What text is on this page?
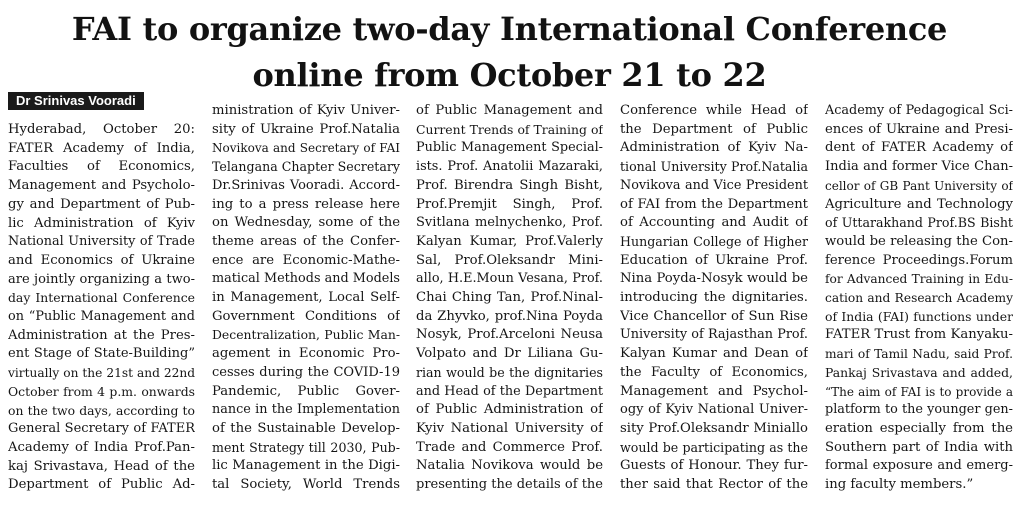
FAI to organize two-day International Conference
online from October 21 to 22
Dr Srinivas Vooradi
Hyderabad, October 20:
FATER Academy of India,
Faculties of Economics,
Management and Psycholo-
gy and Department of Pub-
lic Administration of Kyiv
National University of Trade
and Economics of Ukraine
are jointly organizing a two-
day International Conference
on “Public Management and
Administration at the Pres-
ent Stage of State-Building”
virtually on the 21st and 22nd
October from 4 p.m. onwards
on the two days, according to
General Secretary of FATER
Academy of India Prof.Pan-
kaj Srivastava, Head of the
Department of Public Ad-
ministration of Kyiv Univer-
sity of Ukraine Prof.Natalia
Novikova and Secretary of FAI
Telangana Chapter Secretary
Dr.Srinivas Vooradi. Accord-
ing to a press release here
on Wednesday, some of the
theme areas of the Confer-
ence are Economic-Mathe-
matical Methods and Models
in Management, Local Self-
Government Conditions of
Decentralization, Public Man-
agement in Economic Pro-
cesses during the COVID-19
Pandemic, Public Gover-
nance in the Implementation
of the Sustainable Develop-
ment Strategy till 2030, Pub-
lic Management in the Digi-
tal Society, World Trends
of Public Management and
Current Trends of Training of
Public Management Special-
ists. Prof. Anatolii Mazaraki,
Prof. Birendra Singh Bisht,
Prof.Premjit Singh, Prof.
Svitlana melnychenko, Prof.
Kalyan Kumar, Prof.Valerly
Sal, Prof.Oleksandr Mini-
allo, H.E.Moun Vesana, Prof.
Chai Ching Tan, Prof.Ninal-
da Zhyvko, prof.Nina Poyda
Nosyk, Prof.Arceloni Neusa
Volpato and Dr Liliana Gu-
rian would be the dignitaries
and Head of the Department
of Public Administration of
Kyiv National University of
Trade and Commerce Prof.
Natalia Novikova would be
presenting the details of the
Conference while Head of
the Department of Public
Administration of Kyiv Na-
tional University Prof.Natalia
Novikova and Vice President
of FAI from the Department
of Accounting and Audit of
Hungarian College of Higher
Education of Ukraine Prof.
Nina Poyda-Nosyk would be
introducing the dignitaries.
Vice Chancellor of Sun Rise
University of Rajasthan Prof.
Kalyan Kumar and Dean of
the Faculty of Economics,
Management and Psychol-
ogy of Kyiv National Univer-
sity Prof.Oleksandr Miniallo
would be participating as the
Guests of Honour. They fur-
ther said that Rector of the
Academy of Pedagogical Sci-
ences of Ukraine and Presi-
dent of FATER Academy of
India and former Vice Chan-
cellor of GB Pant University of
Agriculture and Technology
of Uttarakhand Prof.BS Bisht
would be releasing the Con-
ference Proceedings.Forum
for Advanced Training in Edu-
cation and Research Academy
of India (FAI) functions under
FATER Trust from Kanyaku-
mari of Tamil Nadu, said Prof.
Pankaj Srivastava and added,
“The aim of FAI is to provide a
platform to the younger gen-
eration especially from the
Southern part of India with
formal exposure and emerg-
ing faculty members.”
